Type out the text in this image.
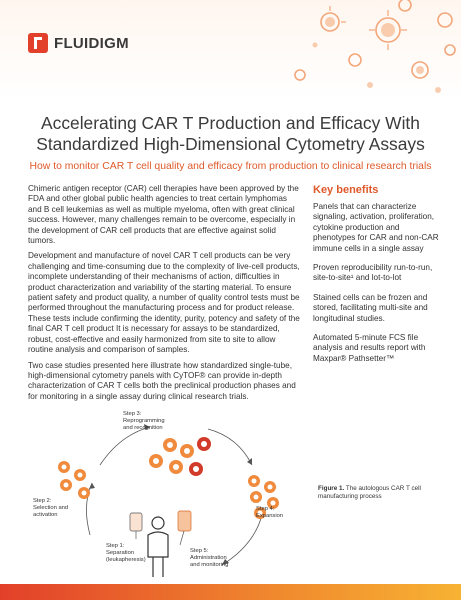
FLUIDIGM
Accelerating CAR T Production and Efficacy With Standardized High-Dimensional Cytometry Assays
How to monitor CAR T cell quality and efficacy from production to clinical research trials

Chimeric antigen receptor (CAR) cell therapies have been approved by the FDA and other global public health agencies to treat certain lymphomas and B cell leukemias as well as multiple myeloma, often with great clinical success. However, many challenges remain to be overcome, especially in the development of CAR cell products that are effective against solid tumors.

Development and manufacture of novel CAR T cell products can be very challenging and time-consuming due to the complexity of live-cell products, incomplete understanding of their mechanisms of action, difficulties in product characterization and variability of the starting material. To ensure patient safety and product quality, a number of quality control tests must be performed throughout the manufacturing process and for product release. These tests include confirming the identity, purity, potency and safety of the final CAR T cell product It is necessary for assays to be standardized, robust, cost-effective and easily harmonized from site to site to allow routine analysis and comparison of samples.

Two case studies presented here illustrate how standardized single-tube, high-dimensional cytometry panels with CyTOF® can provide in-depth characterization of CAR T cells both the preclinical production phases and for monitoring in a single assay during clinical research trials.

Key benefits
Panels that can characterize signaling, activation, proliferation, cytokine production and phenotypes for CAR and non-CAR immune cells in a single assay
Proven reproducibility run-to-run, site-to-site¹ and lot-to-lot
Stained cells can be frozen and stored, facilitating multi-site and longitudinal studies.
Automated 5-minute FCS file analysis and results report with Maxpar® Pathsetter™
Step 3:
Reprogramming
and recognition
Step 2:
Selection and
activation
Step 4:
Expansion
Step 1:
Separation
(leukapheresis)
Step 5:
Administration
and monitoring
Figure 1. The autologous CAR T cell manufacturing process
